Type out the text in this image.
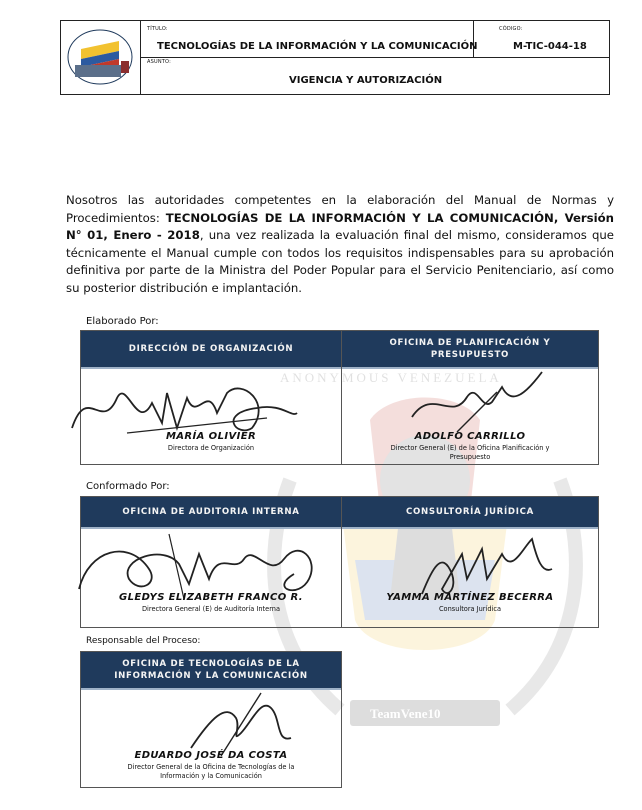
ANONYMOUS VENEZUELA
TeamVene10
TÍTULO:
TECNOLOGÍAS DE LA INFORMACIÓN Y LA COMUNICACIÓN
CÓDIGO:
M-TIC-044-18
ASUNTO:
VIGENCIA Y AUTORIZACIÓN
Nosotros las autoridades competentes en la elaboración del Manual de Normas y Procedimientos: TECNOLOGÍAS DE LA INFORMACIÓN Y LA COMUNICACIÓN, Versión N° 01, Enero - 2018, una vez realizada la evaluación final del mismo, consideramos que técnicamente el Manual cumple con todos los requisitos indispensables para su aprobación definitiva por parte de la Ministra del Poder Popular para el Servicio Penitenciario, así como su posterior distribución e implantación.
Elaborado Por:
DIRECCIÓN DE ORGANIZACIÓN
MARÍA OLIVIER
Directora de Organización
OFICINA DE PLANIFICACIÓN Y
PRESUPUESTO
ADOLFO CARRILLO
Director General (E) de la Oficina Planificación y
Presupuesto
Conformado Por:
OFICINA DE AUDITORIA INTERNA
GLEDYS ELIZABETH FRANCO R.
Directora General (E) de Auditoría Interna
CONSULTORÍA JURÍDICA
YAMMA MARTÍNEZ BECERRA
Consultora Jurídica
Responsable del Proceso:
OFICINA DE TECNOLOGÍAS DE LA
INFORMACIÓN Y LA COMUNICACIÓN
EDUARDO JOSÉ DA COSTA
Director General de la Oficina de Tecnologías de la
Información y la Comunicación
